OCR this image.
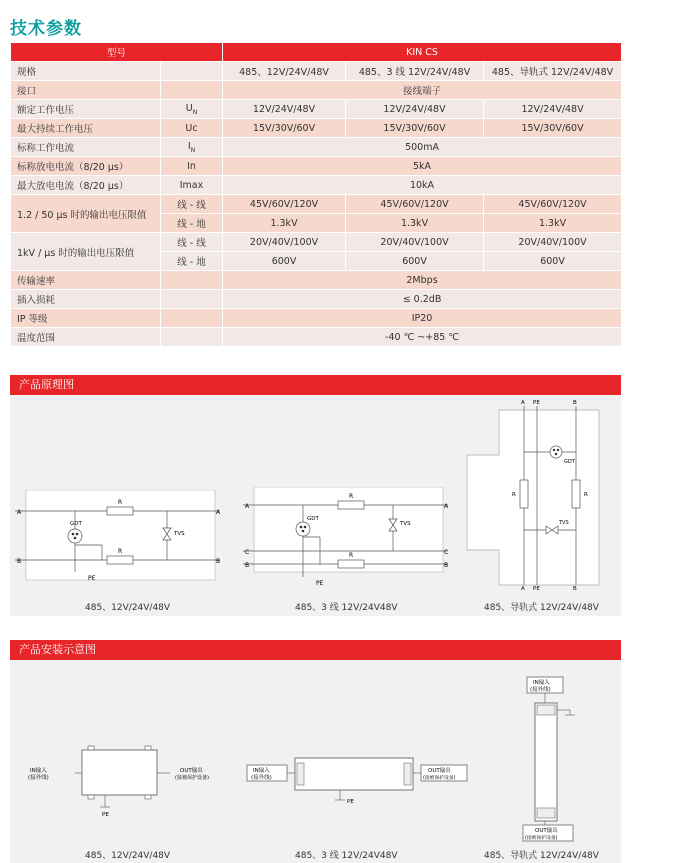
技术参数
型号		KIN CS		
规格		485、12V/24V/48V	485、3 线 12V/24V/48V	485、导轨式 12V/24V/48V
接口		接线端子		
额定工作电压	$U_N$	12V/24V/48V	12V/24V/48V	12V/24V/48V
最大持续工作电压	Uc	15V/30V/60V	15V/30V/60V	15V/30V/60V
标称工作电流	$I_N$	500mA		
标称放电电流（8/20 μs）	In	5kA		
最大放电电流（8/20 μs）	Imax	10kA		
1.2 / 50 μs 时的输出电压限值	线 - 线	45V/60V/120V	45V/60V/120V	45V/60V/120V
	线 - 地	1.3kV	1.3kV	1.3kV
1kV / μs 时的输出电压限值	线 - 线	20V/40V/100V	20V/40V/100V	20V/40V/100V
	线 - 地	600V	600V	600V
传输速率		2Mbps		
插入损耗		≤ 0.2dB		
IP 等级		IP20		
温度范围		-40 ℃ ~+85 ℃		
产品原理图
A	A
B	B
R
R
GDT
TVS
PE
A	A
C	C
B	B
R
R
GDT
TVS
PE
A PE	B
A PE	B
GDT
R	R
TVS
485、12V/24V/48V	485、3 线 12V/24V48V	485、导轨式 12V/24V/48V
产品安装示意图
IN输入
(接外线)
OUT输出
(接被保护设备)
PE
IN输入
(接外线)
OUT输出
(接被保护设备)
PE
IN输入
(接外线)
OUT输出
(接被保护设备)
485、12V/24V/48V	485、3 线 12V/24V48V	485、导轨式 12V/24V/48V
